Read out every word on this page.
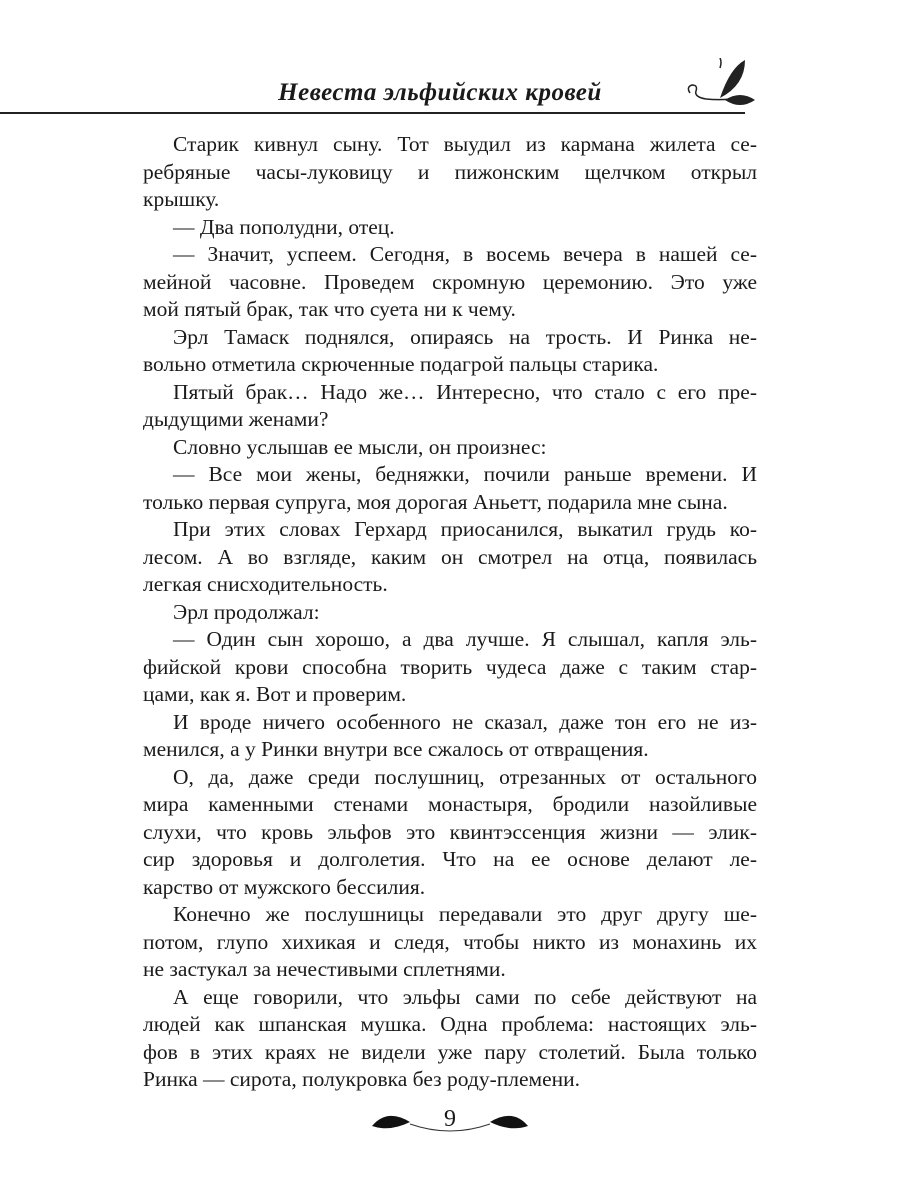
Невеста эльфийских кровей
Старик кивнул сыну. Тот выудил из кармана жилета се-
ребряные часы-луковицу и пижонским щелчком открыл
крышку.
— Два пополудни, отец.
— Значит, успеем. Сегодня, в восемь вечера в нашей се-
мейной часовне. Проведем скромную церемонию. Это уже
мой пятый брак, так что суета ни к чему.
Эрл Тамаск поднялся, опираясь на трость. И Ринка не-
вольно отметила скрюченные подагрой пальцы старика.
Пятый брак… Надо же… Интересно, что стало с его пре-
дыдущими женами?
Словно услышав ее мысли, он произнес:
— Все мои жены, бедняжки, почили раньше времени. И
только первая супруга, моя дорогая Аньетт, подарила мне сына.
При этих словах Герхард приосанился, выкатил грудь ко-
лесом. А во взгляде, каким он смотрел на отца, появилась
легкая снисходительность.
Эрл продолжал:
— Один сын хорошо, а два лучше. Я слышал, капля эль-
фийской крови способна творить чудеса даже с таким стар-
цами, как я. Вот и проверим.
И вроде ничего особенного не сказал, даже тон его не из-
менился, а у Ринки внутри все сжалось от отвращения.
О, да, даже среди послушниц, отрезанных от остального
мира каменными стенами монастыря, бродили назойливые
слухи, что кровь эльфов это квинтэссенция жизни — элик-
сир здоровья и долголетия. Что на ее основе делают ле-
карство от мужского бессилия.
Конечно же послушницы передавали это друг другу ше-
потом, глупо хихикая и следя, чтобы никто из монахинь их
не застукал за нечестивыми сплетнями.
А еще говорили, что эльфы сами по себе действуют на
людей как шпанская мушка. Одна проблема: настоящих эль-
фов в этих краях не видели уже пару столетий. Была только
Ринка — сирота, полукровка без роду-племени.
9
